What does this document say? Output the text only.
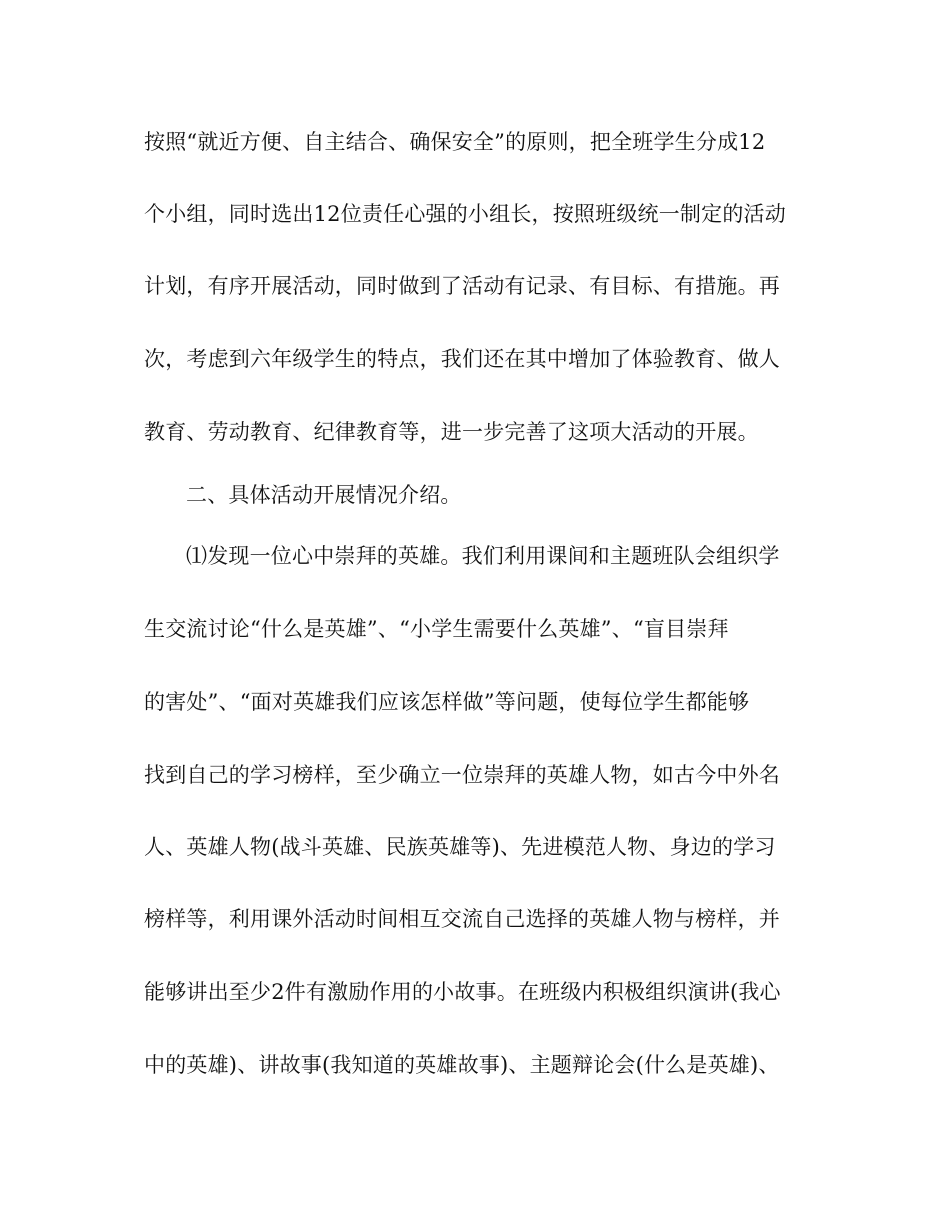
按照“就近方便、自主结合、确保安全”的原则，把全班学生分成12
个小组，同时选出12位责任心强的小组长，按照班级统一制定的活动
计划，有序开展活动，同时做到了活动有记录、有目标、有措施。再
次，考虑到六年级学生的特点，我们还在其中增加了体验教育、做人
教育、劳动教育、纪律教育等，进一步完善了这项大活动的开展。
二、具体活动开展情况介绍。
⑴发现一位心中崇拜的英雄。我们利用课间和主题班队会组织学
生交流讨论“什么是英雄”、“小学生需要什么英雄”、“盲目崇拜
的害处”、“面对英雄我们应该怎样做”等问题，使每位学生都能够
找到自己的学习榜样，至少确立一位崇拜的英雄人物，如古今中外名
人、英雄人物(战斗英雄、民族英雄等)、先进模范人物、身边的学习
榜样等，利用课外活动时间相互交流自己选择的英雄人物与榜样，并
能够讲出至少2件有激励作用的小故事。在班级内积极组织演讲(我心
中的英雄)、讲故事(我知道的英雄故事)、主题辩论会(什么是英雄)、
